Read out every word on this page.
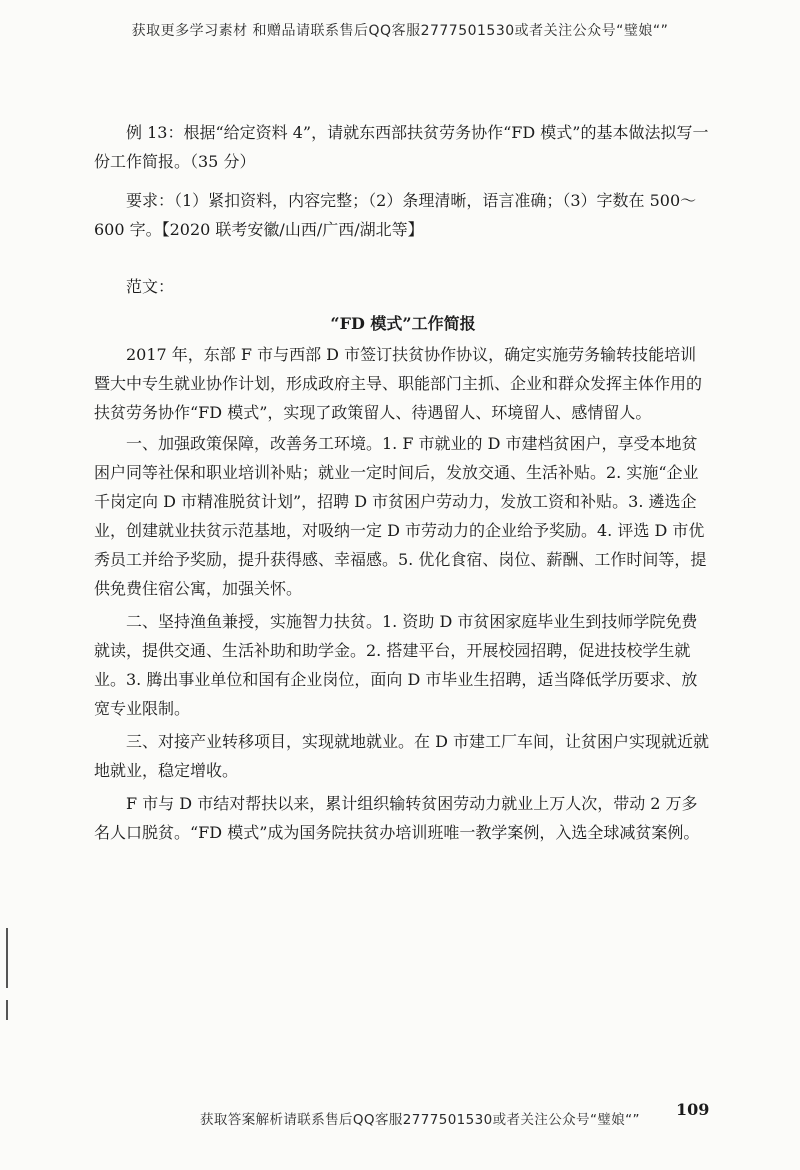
获取更多学习素材 和赠品请联系售后QQ客服2777501530或者关注公众号“璧娘“”

例 13：根据“给定资料 4”，请就东西部扶贫劳务协作“FD 模式”的基本做法拟写一份工作简报。（35 分）

要求：（1）紧扣资料，内容完整；（2）条理清晰，语言准确；（3）字数在 500～600 字。【2020 联考安徽/山西/广西/湖北等】

范文：

“FD 模式”工作简报

2017 年，东部 F 市与西部 D 市签订扶贫协作协议，确定实施劳务输转技能培训暨大中专生就业协作计划，形成政府主导、职能部门主抓、企业和群众发挥主体作用的扶贫劳务协作“FD 模式”，实现了政策留人、待遇留人、环境留人、感情留人。

一、加强政策保障，改善务工环境。1. F 市就业的 D 市建档贫困户，享受本地贫困户同等社保和职业培训补贴；就业一定时间后，发放交通、生活补贴。2. 实施“企业千岗定向 D 市精准脱贫计划”，招聘 D 市贫困户劳动力，发放工资和补贴。3. 遴选企业，创建就业扶贫示范基地，对吸纳一定 D 市劳动力的企业给予奖励。4. 评选 D 市优秀员工并给予奖励，提升获得感、幸福感。5. 优化食宿、岗位、薪酬、工作时间等，提供免费住宿公寓，加强关怀。

二、坚持渔鱼兼授，实施智力扶贫。1. 资助 D 市贫困家庭毕业生到技师学院免费就读，提供交通、生活补助和助学金。2. 搭建平台，开展校园招聘，促进技校学生就业。3. 腾出事业单位和国有企业岗位，面向 D 市毕业生招聘，适当降低学历要求、放宽专业限制。

三、对接产业转移项目，实现就地就业。在 D 市建工厂车间，让贫困户实现就近就地就业，稳定增收。

F 市与 D 市结对帮扶以来，累计组织输转贫困劳动力就业上万人次，带动 2 万多名人口脱贫。“FD 模式”成为国务院扶贫办培训班唯一教学案例，入选全球减贫案例。

获取答案解析请联系售后QQ客服2777501530或者关注公众号“璧娘“”
109
